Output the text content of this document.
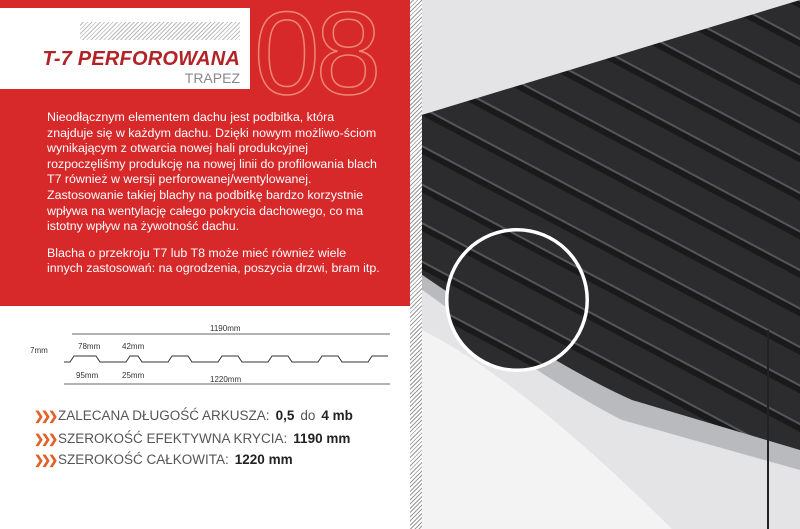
T-7 PERFOROWANA
TRAPEZ 08

Nieodłącznym elementem dachu jest podbitka, która znajduje się w każdym dachu. Dzięki nowym możliwo-ściom wynikającym z otwarcia nowej hali produkcyjnej rozpoczęliśmy produkcję na nowej linii do profilowania blach T7 również w wersji perforowanej/wentylowanej. Zastosowanie takiej blachy na podbitkę bardzo korzystnie wpływa na wentylację całego pokrycia dachowego, co ma istotny wpływ na żywotność dachu.

Blacha o przekroju T7 lub T8 może mieć również wiele innych zastosowań: na ogrodzenia, poszycia drzwi, bram itp.

1190mm
1220mm
7mm	78mm
95mm
42mm
25mm
❯❯❯ ZALECANA DŁUGOŚĆ ARKUSZA: 0,5 do 4 mb
❯❯❯ SZEROKOŚĆ EFEKTYWNA KRYCIA: 1190 mm
❯❯❯ SZEROKOŚĆ CAŁKOWITA: 1220 mm
